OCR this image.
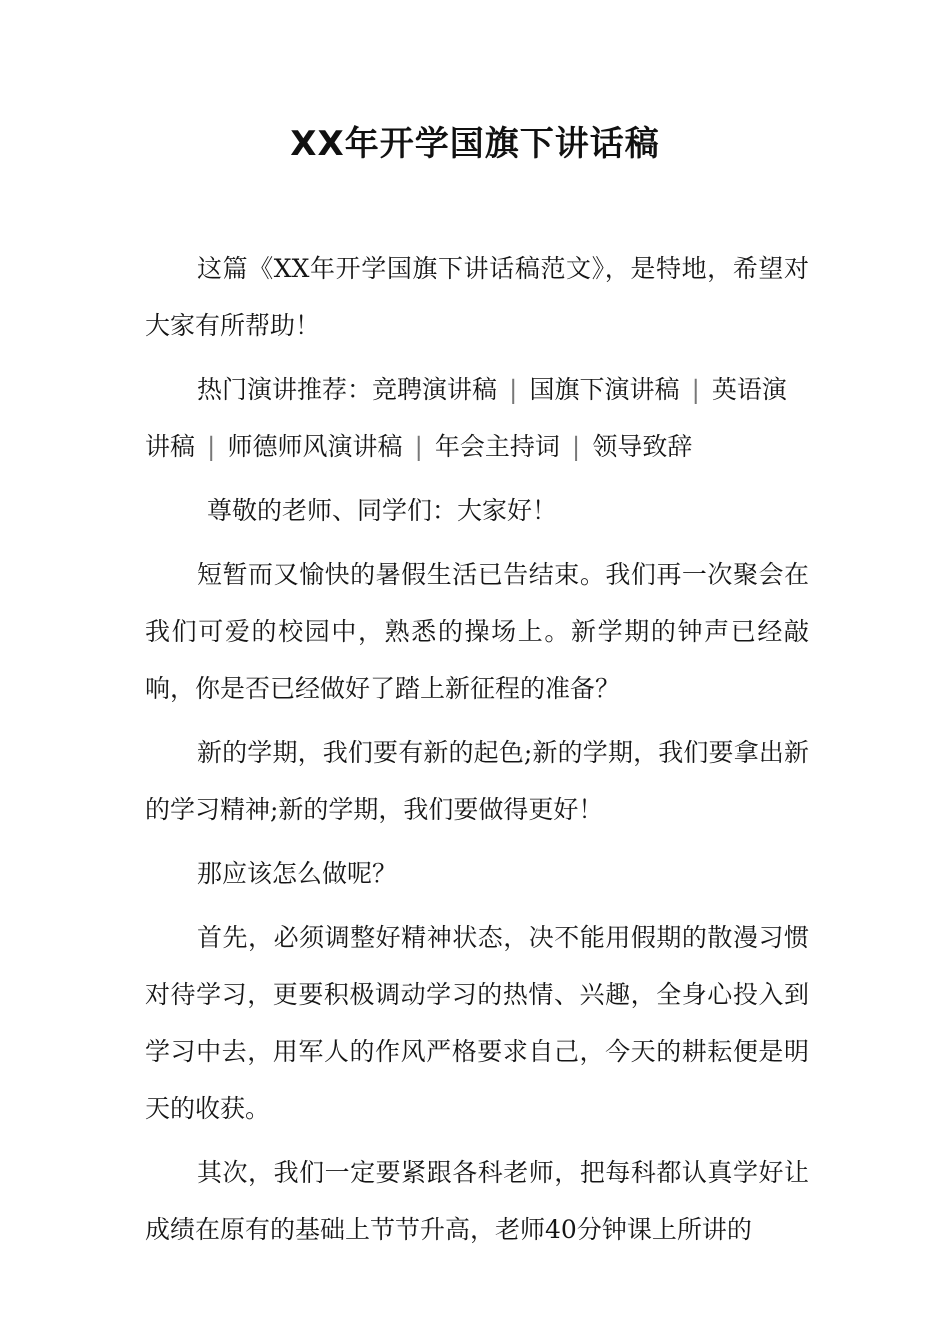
XX年开学国旗下讲话稿

这篇《XX年开学国旗下讲话稿范文》，是特地，希望对大家有所帮助！

热门演讲推荐：竞聘演讲稿 | 国旗下演讲稿 | 英语演讲稿 | 师德师风演讲稿 | 年会主持词 | 领导致辞

尊敬的老师、同学们：大家好！

短暂而又愉快的暑假生活已告结束。我们再一次聚会在我们可爱的校园中，熟悉的操场上。新学期的钟声已经敲响，你是否已经做好了踏上新征程的准备？

新的学期，我们要有新的起色;新的学期，我们要拿出新的学习精神;新的学期，我们要做得更好！

那应该怎么做呢？

首先，必须调整好精神状态，决不能用假期的散漫习惯对待学习，更要积极调动学习的热情、兴趣，全身心投入到学习中去，用军人的作风严格要求自己，今天的耕耘便是明天的收获。

其次，我们一定要紧跟各科老师，把每科都认真学好让成绩在原有的基础上节节升高，老师40分钟课上所讲的
